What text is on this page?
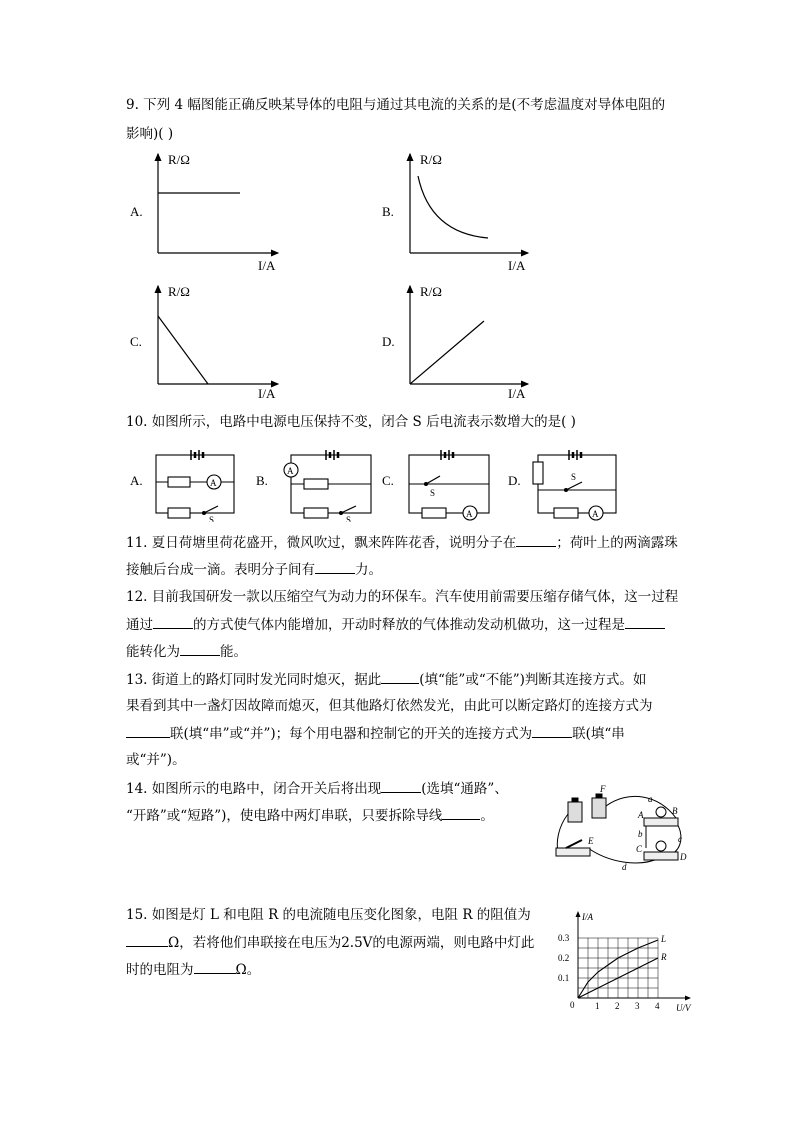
9. 下列 4 幅图能正确反映某导体的电阻与通过其电流的关系的是(不考虑温度对导体电阻的
影响)( )
A.
R/Ω
I/A
B.
R/Ω
I/A
C.
R/Ω
I/A
D.
R/Ω
I/A
10. 如图所示，电路中电源电压保持不变，闭合 S 后电流表示数增大的是( )
A.	A
S
B.
A
S
C.
S
A
D.	S
A
11. 夏日荷塘里荷花盛开，微风吹过，飘来阵阵花香，说明分子在	；荷叶上的两滴露珠
接触后台成一滴。表明分子间有	力。
12. 目前我国研发一款以压缩空气为动力的环保车。汽车使用前需要压缩存储气体，这一过程
通过	的方式使气体内能增加，开动时释放的气体推动发动机做功，这一过程是
能转化为	能。
13. 街道上的路灯同时发光同时熄灭，据此	(填“能”或“不能”)判断其连接方式。如
果看到其中一盏灯因故障而熄灭，但其他路灯依然发光，由此可以断定路灯的连接方式为
联(填“串”或“并”)；每个用电器和控制它的开关的连接方式为	联(填“串
或“并”)。
14. 如图所示的电路中，闭合开关后将出现	(选填“通路”、
“开路”或“短路”)，使电路中两灯串联，只要拆除导线	。
F
E
a
b	c
d
A	B
C
D
15. 如图是灯 L 和电阻 R 的电流随电压变化图象，电阻 R 的阻值为
Ω，若将他们串联接在电压为2.5V的电源两端，则电路中灯此
时的电阻为	Ω。
I/A
U/V
0 1 2 3 4
0.1
0.2
0.3	L
R
